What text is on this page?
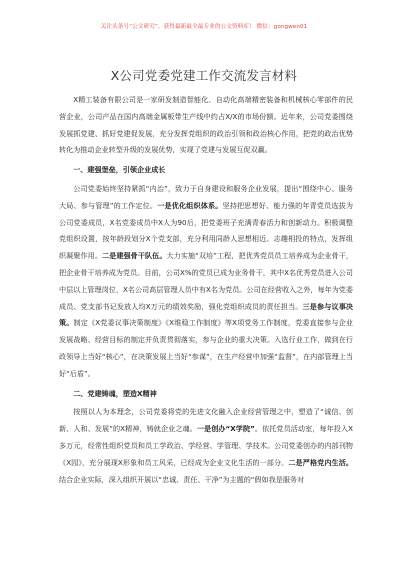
关注头条号“公文研究”，获得最新最全最专业的公文资料库！ 微信：gongwen01
X公司党委党建工作交流发言材料

X精工装备有限公司是一家研发制造智能化、自动化高端精密装备和机械核心零部件的民营企业，公司产品在国内高端金属板带生产线中约占X/X的市场份额。近年来，公司党委围绕发展抓党建、抓好党建促发展，充分发挥党组织的政治引领和政治核心作用，把党的政治优势转化为推动企业转型升级的发展优势，实现了党建与发展互促双赢。

一、建强堡垒，引领企业成长

公司党委始终坚持紧抓“内治”，致力于自身建设和服务企业发展，提出“围绕中心、服务大局、参与管理”的工作定位。一是优化组织体系。坚持把思想好、能力强的年青党员选拔为公司党委成员，X名党委成员中X人为90后，把党委班子充满青春活力和创新动力。积极调整党组织设置，按年龄段划分X个党支部，充分利用同龄人思想相近、志趣相投的特点，发挥组织凝聚作用。二是建强骨干队伍。大力实施“双培”工程，把优秀党员员工培养成为企业骨干，把企业骨干培养成为党员。目前，公司X%的党员已成为业务骨干，其中X名优秀党员进入公司中层以上管理岗位，X名公司高层管理人员中有X名为党员。公司在经营收入之外，每年为党委成员、党支部书记发放人均X万元的绩效奖励，强化党组织成员的责任担当。三是参与议事决策。制定《X党委议事决策制度》《X维稳工作制度》等X项党务工作制度，党委直接参与企业发展战略、经营目标的制定并负责贯彻落实，参与企业的重大决策。入选行业工作，做到在行政领导上当好“核心”，在决策发展上当好“参谋”，在生产经营中加强“监督”，在内部管理上当好“后盾”。

二、党建铸魂，塑造X精神

按照以人为本理念，公司党委将党的先进文化融入企业经营管理之中，塑造了“诚信、创新、人和、发展”的X精神，铸就企业之魂。一是创办“X学院”。依托党员活动室，每年投入X多万元，经常性组织党员和员工学政治、学经营、学管理、学技术。公司党委创办的内部刊物《X园》，充分展现X形象和员工风采，已经成为企业文化生活的一部分。二是严格党内生活。结合企业实际，深入组织开展以“忠诚、责任、干净”为主题的“假如我是服务对
